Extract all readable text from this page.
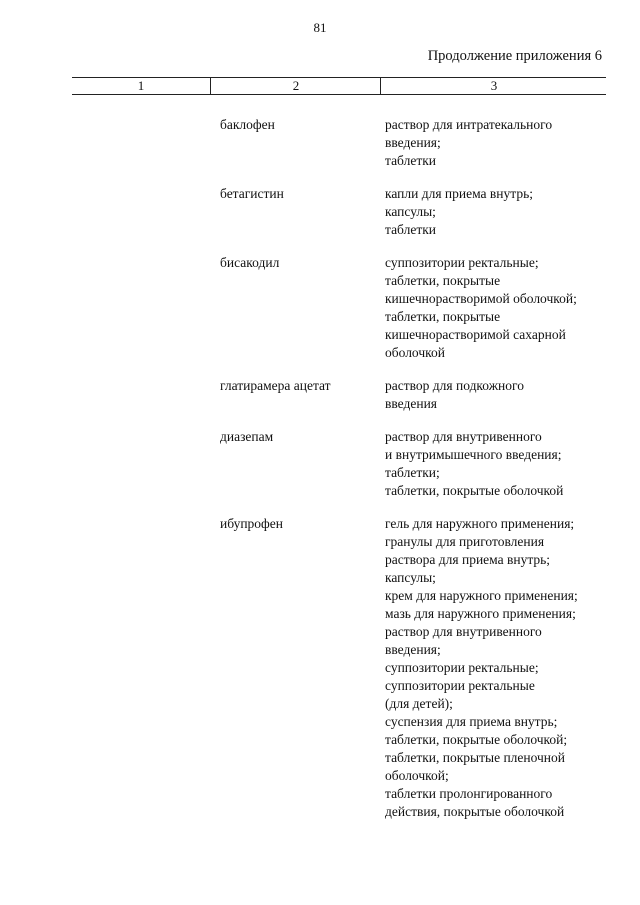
81
Продолжение приложения 6
1	2	3
баклофен	раствор для интратекального
введения;
таблетки
бетагистин	капли для приема внутрь;
капсулы;
таблетки
бисакодил	суппозитории ректальные;
таблетки, покрытые
кишечнорастворимой оболочкой;
таблетки, покрытые
кишечнорастворимой сахарной
оболочкой
глатирамера ацетат	раствор для подкожного
введения
диазепам	раствор для внутривенного
и внутримышечного введения;
таблетки;
таблетки, покрытые оболочкой
ибупрофен	гель для наружного применения;
гранулы для приготовления
раствора для приема внутрь;
капсулы;
крем для наружного применения;
мазь для наружного применения;
раствор для внутривенного
введения;
суппозитории ректальные;
суппозитории ректальные
(для детей);
суспензия для приема внутрь;
таблетки, покрытые оболочкой;
таблетки, покрытые пленочной
оболочкой;
таблетки пролонгированного
действия, покрытые оболочкой
